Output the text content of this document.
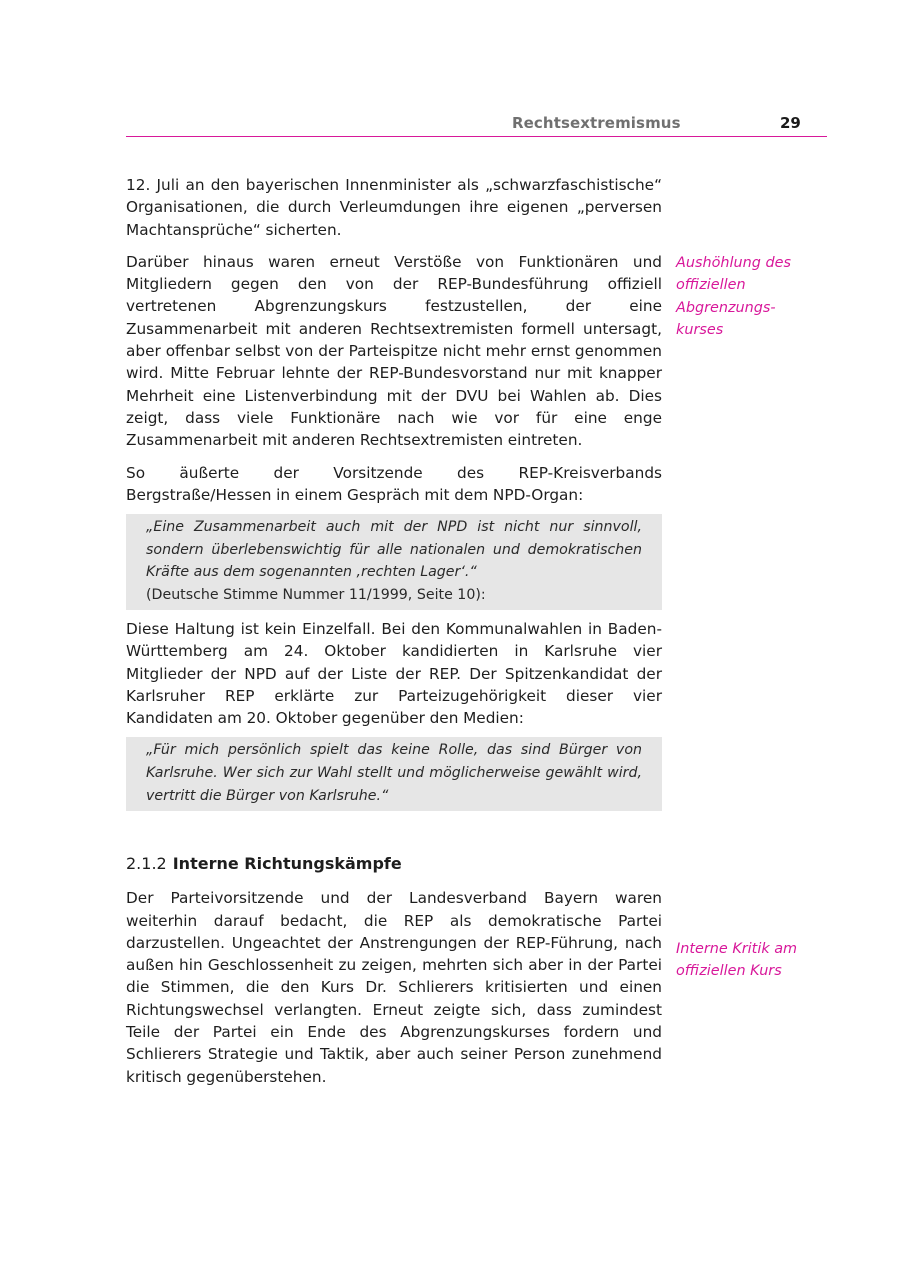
Rechtsextremismus	29

12. Juli an den bayerischen Innenminister als „schwarzfaschistische“ Organisationen, die durch Verleumdungen ihre eigenen „perversen Machtansprüche“ sicherten.

Darüber hinaus waren erneut Verstöße von Funktionären und Mitgliedern gegen den von der REP-Bundesführung offiziell vertretenen Abgrenzungskurs festzustellen, der eine Zusammenarbeit mit anderen Rechtsextremisten formell untersagt, aber offenbar selbst von der Parteispitze nicht mehr ernst genommen wird. Mitte Februar lehnte der REP-Bundesvorstand nur mit knapper Mehrheit eine Listenverbindung mit der DVU bei Wahlen ab. Dies zeigt, dass viele Funktionäre nach wie vor für eine enge Zusammenarbeit mit anderen Rechtsextremisten eintreten.

So äußerte der Vorsitzende des REP-Kreisverbands Bergstraße/Hessen in einem Gespräch mit dem NPD-Organ:

„Eine Zusammenarbeit auch mit der NPD ist nicht nur sinnvoll, sondern überlebenswichtig für alle nationalen und demokratischen Kräfte aus dem sogenannten ‚rechten Lager‘.“
(Deutsche Stimme Nummer 11/1999, Seite 10):

Diese Haltung ist kein Einzelfall. Bei den Kommunalwahlen in Baden-Württemberg am 24. Oktober kandidierten in Karlsruhe vier Mitglieder der NPD auf der Liste der REP. Der Spitzenkandidat der Karlsruher REP erklärte zur Parteizugehörigkeit dieser vier Kandidaten am 20. Oktober gegenüber den Medien:

„Für mich persönlich spielt das keine Rolle, das sind Bürger von Karlsruhe. Wer sich zur Wahl stellt und möglicherweise gewählt wird, vertritt die Bürger von Karlsruhe.“
2.1.2 Interne Richtungskämpfe

Der Parteivorsitzende und der Landesverband Bayern waren weiterhin darauf bedacht, die REP als demokratische Partei darzustellen. Ungeachtet der Anstrengungen der REP-Führung, nach außen hin Geschlossenheit zu zeigen, mehrten sich aber in der Partei die Stimmen, die den Kurs Dr. Schlierers kritisierten und einen Richtungswechsel verlangten. Erneut zeigte sich, dass zumindest Teile der Partei ein Ende des Abgrenzungskurses fordern und Schlierers Strategie und Taktik, aber auch seiner Person zunehmend kritisch gegenüberstehen.

Aushöhlung des offiziellen Abgrenzungs-kurses
Interne Kritik am offiziellen Kurs
